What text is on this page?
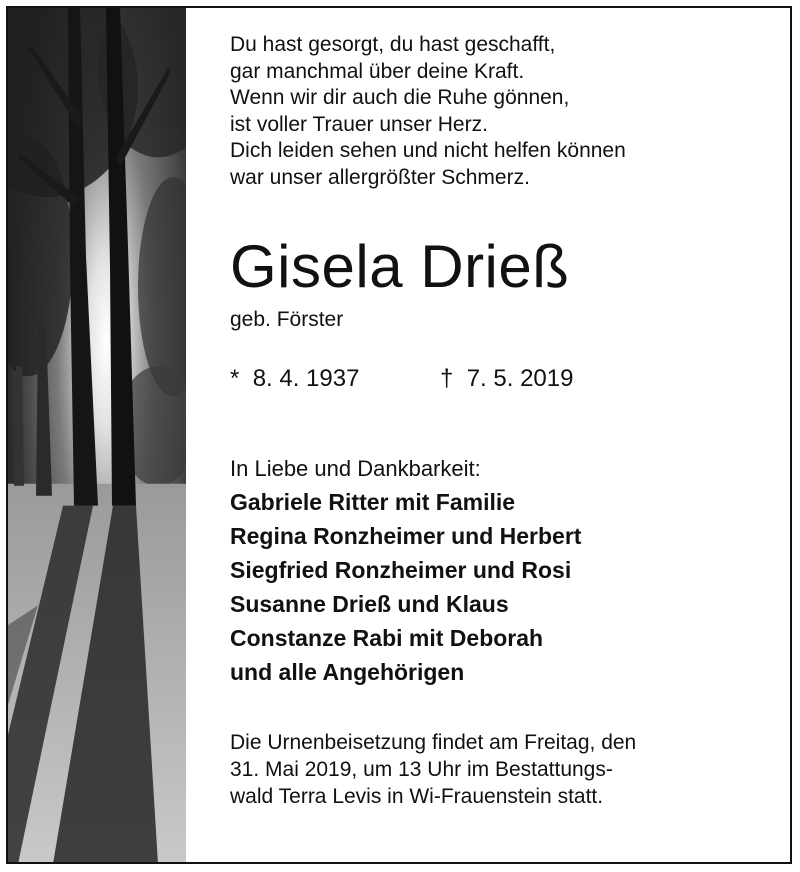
Du hast gesorgt, du hast geschafft,
gar manchmal über deine Kraft.
Wenn wir dir auch die Ruhe gönnen,
ist voller Trauer unser Herz.
Dich leiden sehen und nicht helfen können
war unser allergrößter Schmerz.
Gisela Drieß
geb. Förster
* 8. 4. 1937	† 7. 5. 2019
In Liebe und Dankbarkeit:
Gabriele Ritter mit Familie
Regina Ronzheimer und Herbert
Siegfried Ronzheimer und Rosi
Susanne Drieß und Klaus
Constanze Rabi mit Deborah
und alle Angehörigen
Die Urnenbeisetzung findet am Freitag, den
31. Mai 2019, um 13 Uhr im Bestattungs-
wald Terra Levis in Wi-Frauenstein statt.
